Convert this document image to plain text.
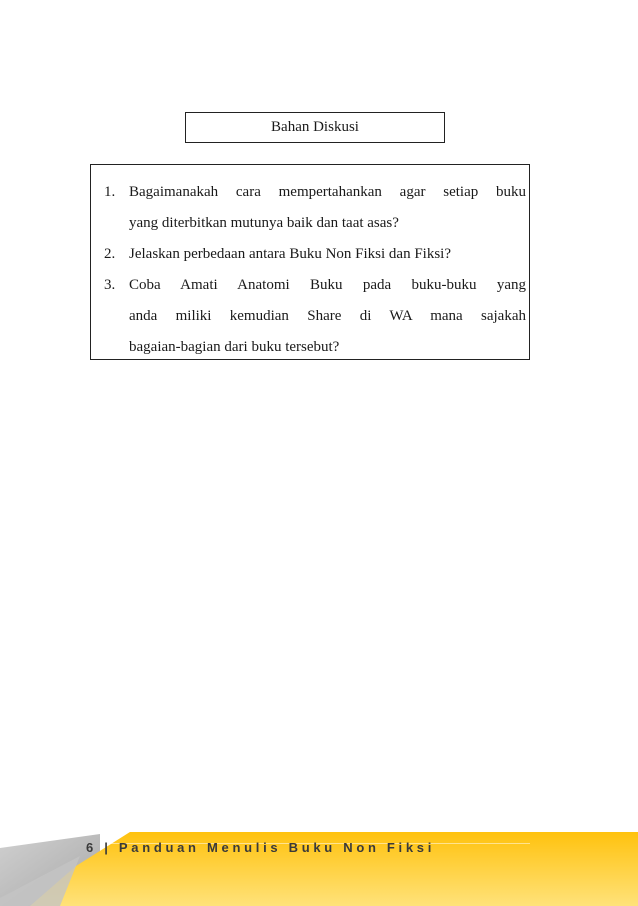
Bahan Diskusi
1. Bagaimanakah cara mempertahankan agar setiap buku
yang diterbitkan mutunya baik dan taat asas?
2. Jelaskan perbedaan antara Buku Non Fiksi dan Fiksi?
3. Coba Amati Anatomi Buku pada buku-buku yang
anda miliki kemudian Share di WA mana sajakah
bagaian-bagian dari buku tersebut?
6 | Panduan Menulis Buku Non Fiksi
